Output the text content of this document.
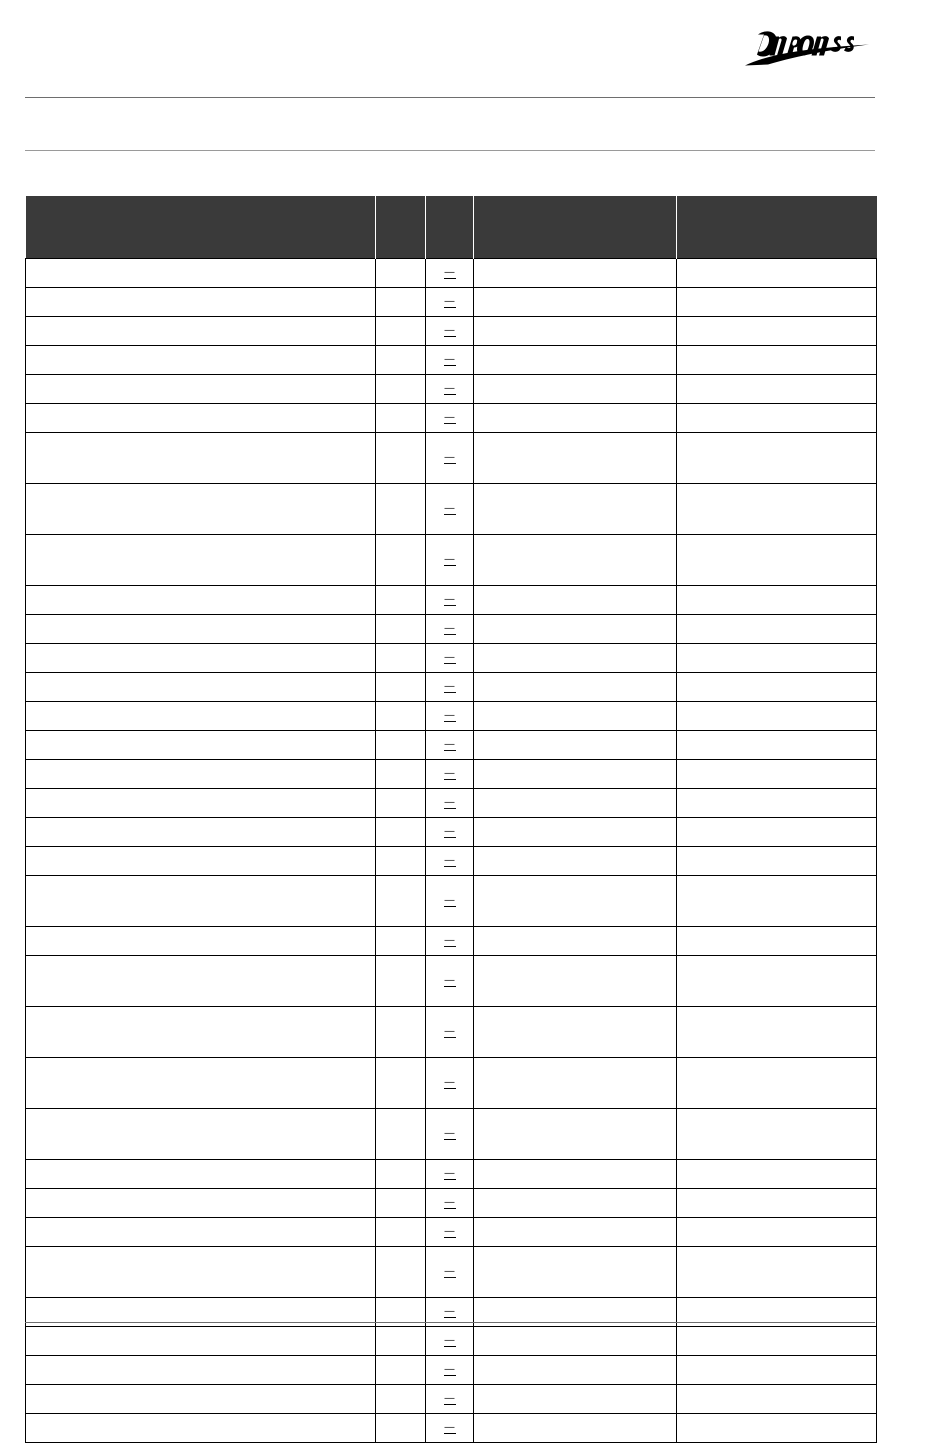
		—		
		—		
		—		
		—		
		—		
		—		
		—		
		—		
		—		
		—		
		—		
		—		
		—		
		—		
		—		
		—		
		—		
		—		
		—		
		—		
		—		
		—		
		—		
		—		
		—		
		—		
		—		
		—		
		—		
		—		
		—		
		—		
		—		
		—		
